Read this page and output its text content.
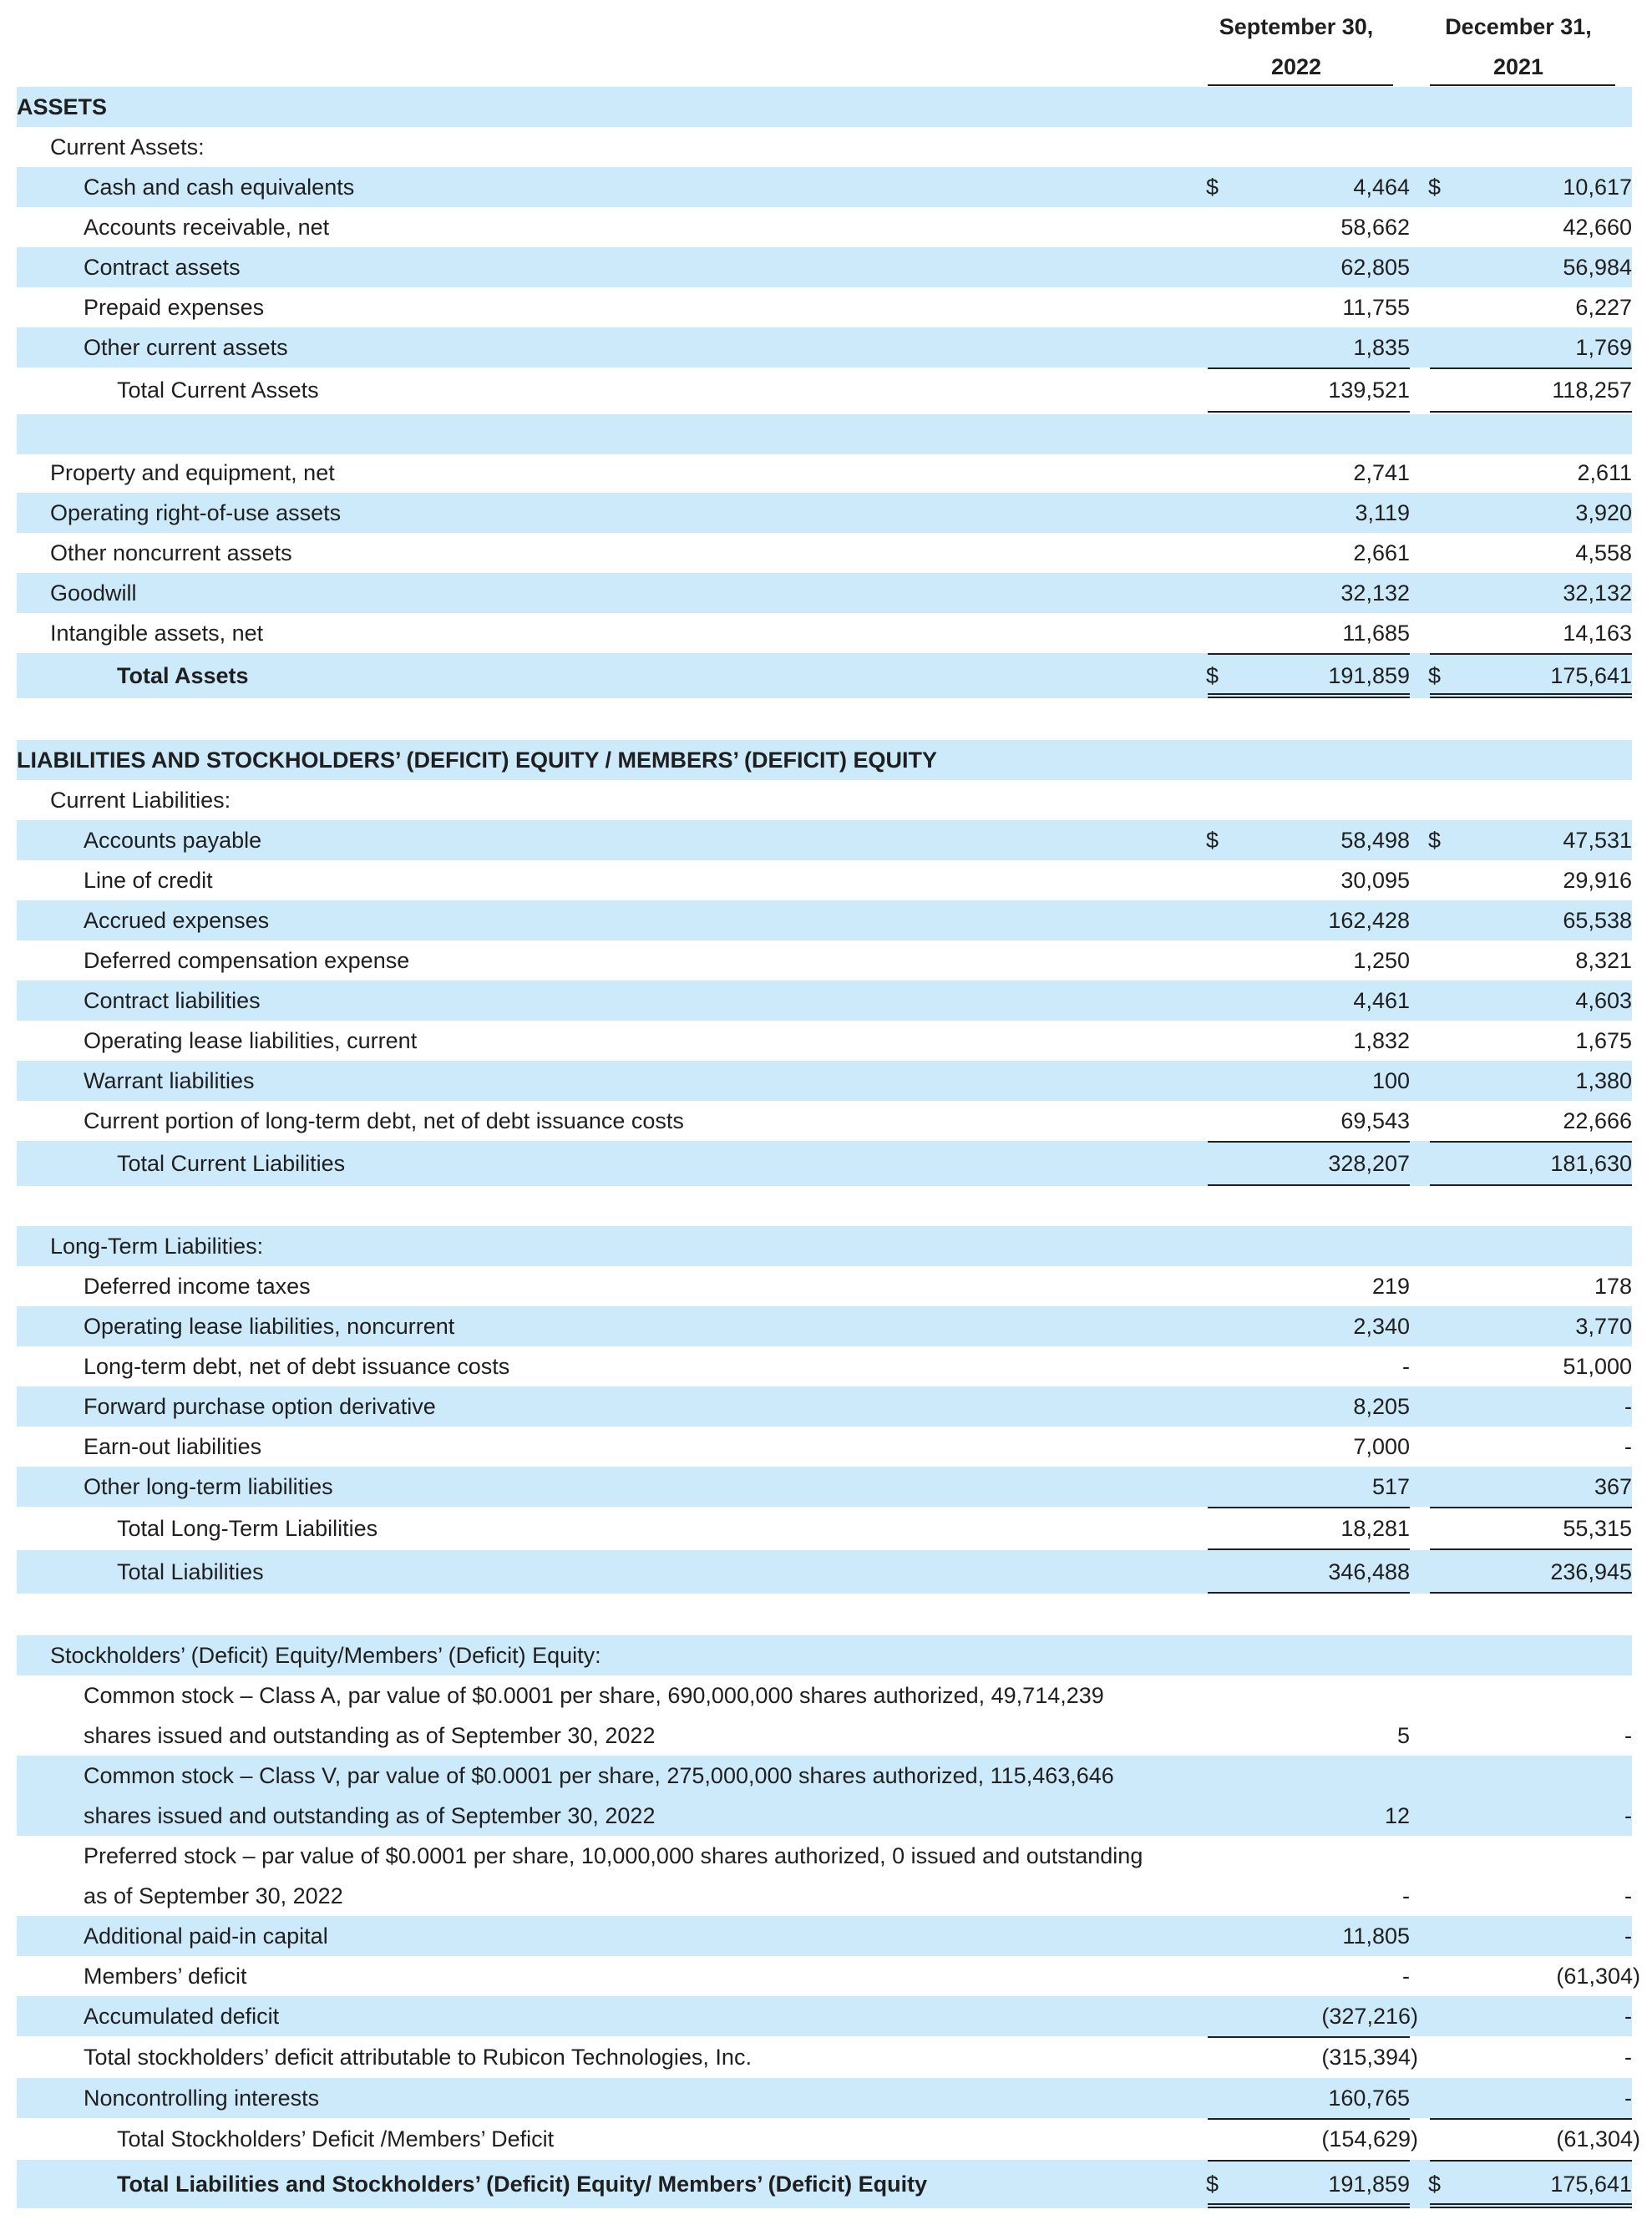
September 30,
2022
December 31,
2021
ASSETS
Current Assets:
Cash and cash equivalents	$	4,464 $	10,617
Accounts receivable, net	58,662	42,660
Contract assets	62,805	56,984
Prepaid expenses	11,755	6,227
Other current assets	1,835	1,769
Total Current Assets	139,521	118,257
Property and equipment, net	2,741	2,611
Operating right-of-use assets	3,119	3,920
Other noncurrent assets	2,661	4,558
Goodwill	32,132	32,132
Intangible assets, net	11,685	14,163
Total Assets	$	191,859 $	175,641
LIABILITIES AND STOCKHOLDERS’ (DEFICIT) EQUITY / MEMBERS’ (DEFICIT) EQUITY
Current Liabilities:
Accounts payable	$	58,498 $	47,531
Line of credit	30,095	29,916
Accrued expenses	162,428	65,538
Deferred compensation expense	1,250	8,321
Contract liabilities	4,461	4,603
Operating lease liabilities, current	1,832	1,675
Warrant liabilities	100	1,380
Current portion of long-term debt, net of debt issuance costs	69,543	22,666
Total Current Liabilities	328,207	181,630
Long-Term Liabilities:
Deferred income taxes	219	178
Operating lease liabilities, noncurrent	2,340	3,770
Long-term debt, net of debt issuance costs	-	51,000
Forward purchase option derivative	8,205	-
Earn-out liabilities	7,000	-
Other long-term liabilities	517	367
Total Long-Term Liabilities	18,281	55,315
Total Liabilities	346,488	236,945
Stockholders’ (Deficit) Equity/Members’ (Deficit) Equity:
Common stock – Class A, par value of $0.0001 per share, 690,000,000 shares authorized, 49,714,239
shares issued and outstanding as of September 30, 2022	5	-
Common stock – Class V, par value of $0.0001 per share, 275,000,000 shares authorized, 115,463,646
shares issued and outstanding as of September 30, 2022	12	-
Preferred stock – par value of $0.0001 per share, 10,000,000 shares authorized, 0 issued and outstanding
as of September 30, 2022	-	-
Additional paid-in capital	11,805	-
Members’ deficit	-	(61,304)
Accumulated deficit	(327,216)	-
Total stockholders’ deficit attributable to Rubicon Technologies, Inc.	(315,394)	-
Noncontrolling interests	160,765	-
Total Stockholders’ Deficit /Members’ Deficit	(154,629)	(61,304)
Total Liabilities and Stockholders’ (Deficit) Equity/ Members’ (Deficit) Equity	$	191,859 $	175,641
